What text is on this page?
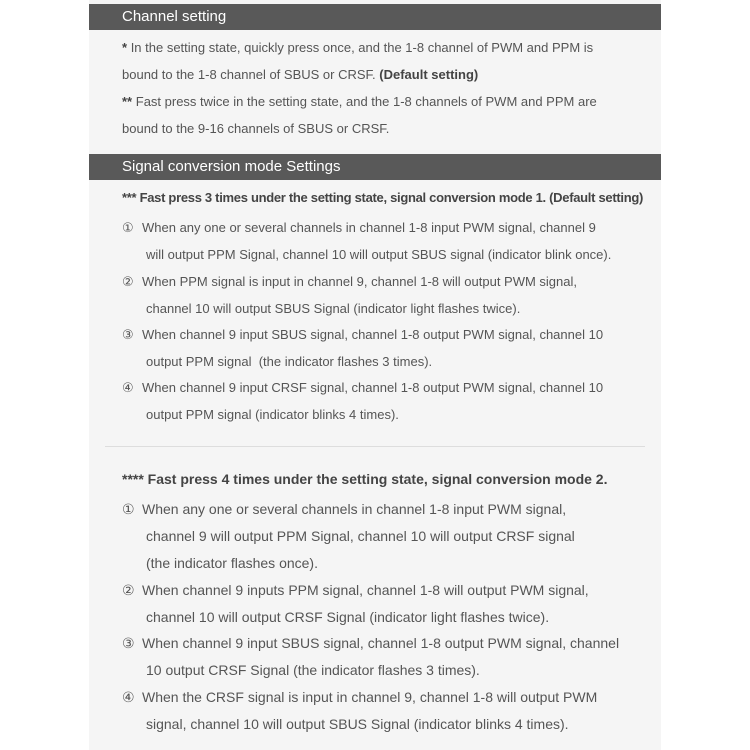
Channel setting
* In the setting state, quickly press once, and the 1-8 channel of PWM and PPM is
bound to the 1-8 channel of SBUS or CRSF. (Default setting)
** Fast press twice in the setting state, and the 1-8 channels of PWM and PPM are
bound to the 9-16 channels of SBUS or CRSF.
Signal conversion mode Settings
*** Fast press 3 times under the setting state, signal conversion mode 1. (Default setting)
① When any one or several channels in channel 1-8 input PWM signal, channel 9
will output PPM Signal, channel 10 will output SBUS signal (indicator blink once).
② When PPM signal is input in channel 9, channel 1-8 will output PWM signal,
channel 10 will output SBUS Signal (indicator light flashes twice).
③ When channel 9 input SBUS signal, channel 1-8 output PWM signal, channel 10
output PPM signal  (the indicator flashes 3 times).
④ When channel 9 input CRSF signal, channel 1-8 output PWM signal, channel 10
output PPM signal (indicator blinks 4 times).
**** Fast press 4 times under the setting state, signal conversion mode 2.
① When any one or several channels in channel 1-8 input PWM signal,
channel 9 will output PPM Signal, channel 10 will output CRSF signal
(the indicator flashes once).
② When channel 9 inputs PPM signal, channel 1-8 will output PWM signal,
channel 10 will output CRSF Signal (indicator light flashes twice).
③ When channel 9 input SBUS signal, channel 1-8 output PWM signal, channel
10 output CRSF Signal (the indicator flashes 3 times).
④ When the CRSF signal is input in channel 9, channel 1-8 will output PWM
signal, channel 10 will output SBUS Signal (indicator blinks 4 times).
